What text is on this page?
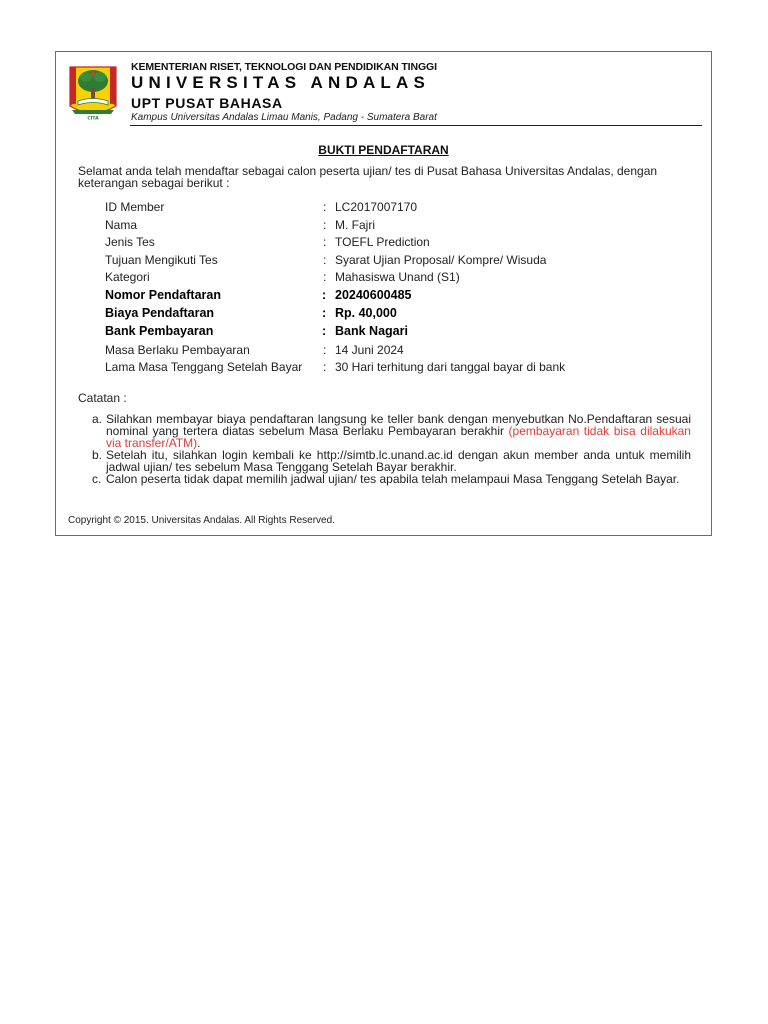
CITA
KEMENTERIAN RISET, TEKNOLOGI DAN PENDIDIKAN TINGGI
UNIVERSITAS ANDALAS
UPT PUSAT BAHASA
Kampus Universitas Andalas Limau Manis, Padang - Sumatera Barat
BUKTI PENDAFTARAN
Selamat anda telah mendaftar sebagai calon peserta ujian/ tes di Pusat Bahasa Universitas Andalas, dengan keterangan sebagai berikut :
ID Member	: LC2017007170
Nama	: M. Fajri
Jenis Tes	: TOEFL Prediction
Tujuan Mengikuti Tes	: Syarat Ujian Proposal/ Kompre/ Wisuda
Kategori	: Mahasiswa Unand (S1)
Nomor Pendaftaran	: 20240600485
Biaya Pendaftaran	: Rp. 40,000
Bank Pembayaran	: Bank Nagari
Masa Berlaku Pembayaran	: 14 Juni 2024
Lama Masa Tenggang Setelah Bayar : 30 Hari terhitung dari tanggal bayar di bank
Catatan :
a. Silahkan membayar biaya pendaftaran langsung ke teller bank dengan menyebutkan No.Pendaftaran sesuai nominal yang tertera diatas sebelum Masa Berlaku Pembayaran berakhir (pembayaran tidak bisa dilakukan via transfer/ATM).
b. Setelah itu, silahkan login kembali ke http://simtb.lc.unand.ac.id dengan akun member anda untuk memilih jadwal ujian/ tes sebelum Masa Tenggang Setelah Bayar berakhir.
c. Calon peserta tidak dapat memilih jadwal ujian/ tes apabila telah melampaui Masa Tenggang Setelah Bayar.
Copyright © 2015. Universitas Andalas. All Rights Reserved.
